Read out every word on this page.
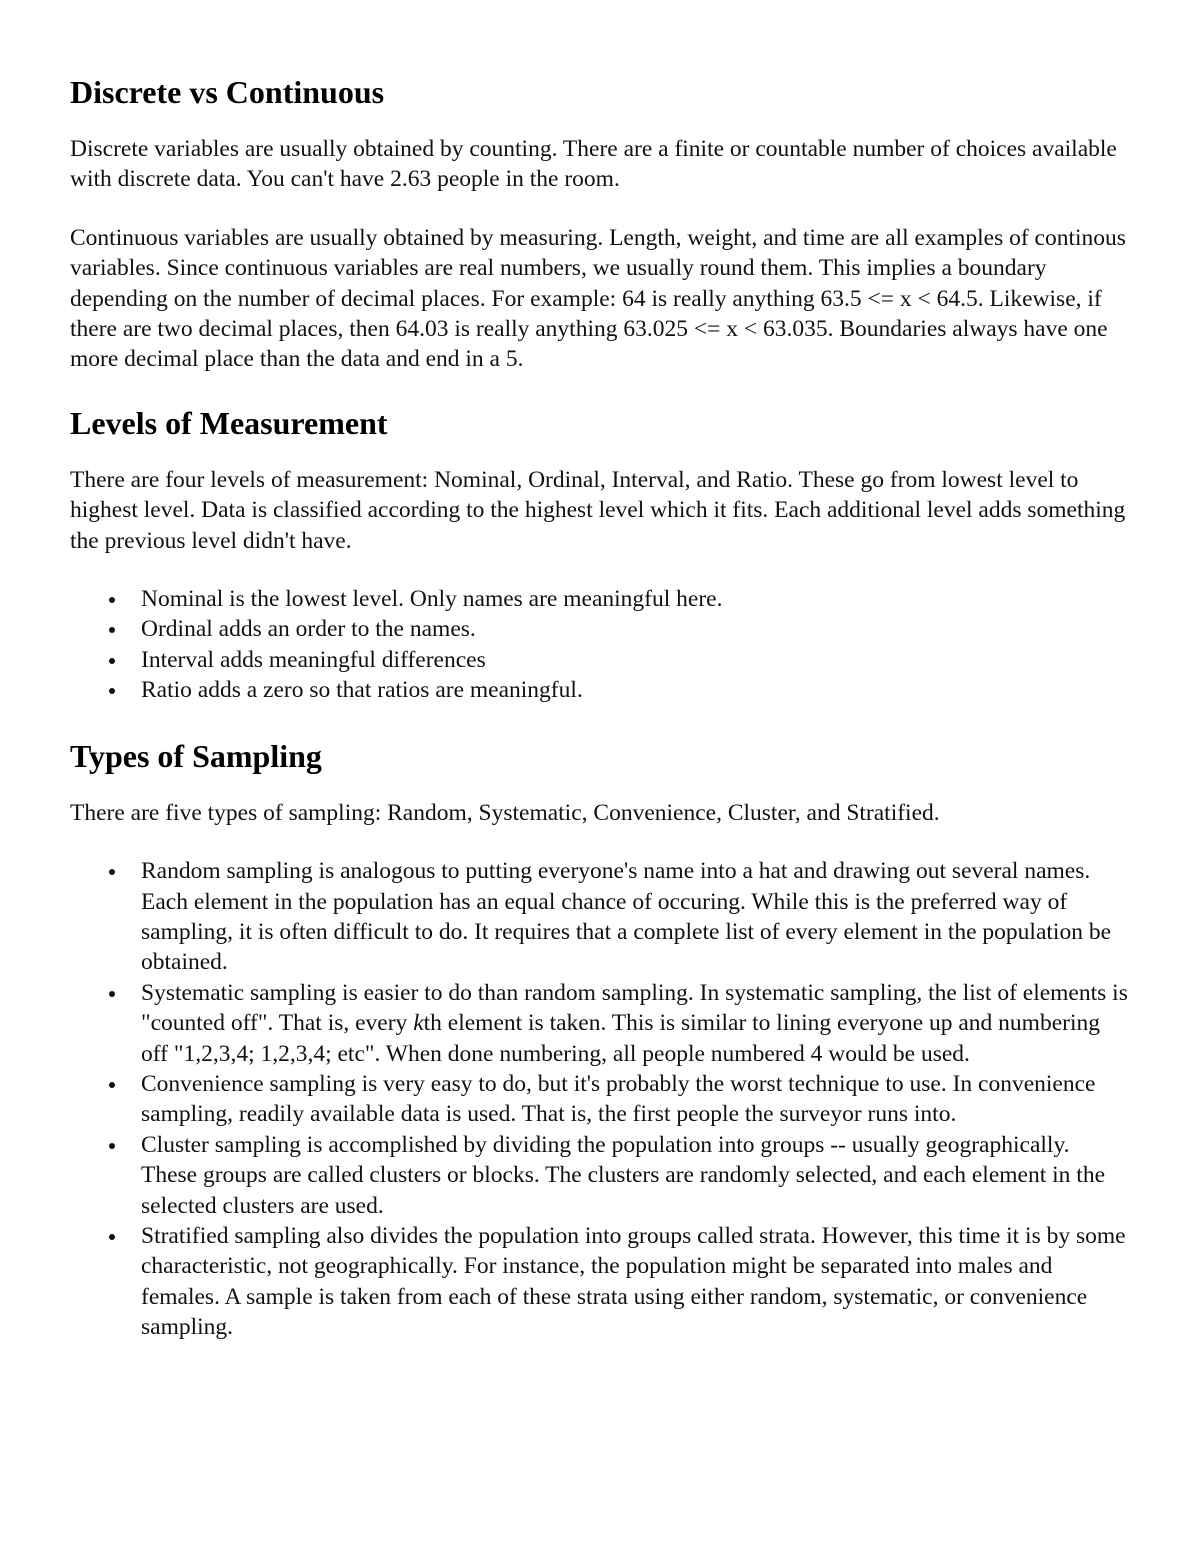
Discrete vs Continuous

Discrete variables are usually obtained by counting. There are a finite or countable number of choices available with discrete data. You can't have 2.63 people in the room.

Continuous variables are usually obtained by measuring. Length, weight, and time are all examples of continous variables. Since continuous variables are real numbers, we usually round them. This implies a boundary depending on the number of decimal places. For example: 64 is really anything 63.5 <= x < 64.5. Likewise, if there are two decimal places, then 64.03 is really anything 63.025 <= x < 63.035. Boundaries always have one more decimal place than the data and end in a 5.

Levels of Measurement

There are four levels of measurement: Nominal, Ordinal, Interval, and Ratio. These go from lowest level to highest level. Data is classified according to the highest level which it fits. Each additional level adds something the previous level didn't have.

Nominal is the lowest level. Only names are meaningful here.
Ordinal adds an order to the names.
Interval adds meaningful differences
Ratio adds a zero so that ratios are meaningful.
Types of Sampling

There are five types of sampling: Random, Systematic, Convenience, Cluster, and Stratified.

Random sampling is analogous to putting everyone's name into a hat and drawing out several names. Each element in the population has an equal chance of occuring. While this is the preferred way of sampling, it is often difficult to do. It requires that a complete list of every element in the population be obtained.
Systematic sampling is easier to do than random sampling. In systematic sampling, the list of elements is "counted off". That is, every kth element is taken. This is similar to lining everyone up and numbering off "1,2,3,4; 1,2,3,4; etc". When done numbering, all people numbered 4 would be used.
Convenience sampling is very easy to do, but it's probably the worst technique to use. In convenience sampling, readily available data is used. That is, the first people the surveyor runs into.
Cluster sampling is accomplished by dividing the population into groups -- usually geographically. These groups are called clusters or blocks. The clusters are randomly selected, and each element in the selected clusters are used.
Stratified sampling also divides the population into groups called strata. However, this time it is by some characteristic, not geographically. For instance, the population might be separated into males and females. A sample is taken from each of these strata using either random, systematic, or convenience sampling.
